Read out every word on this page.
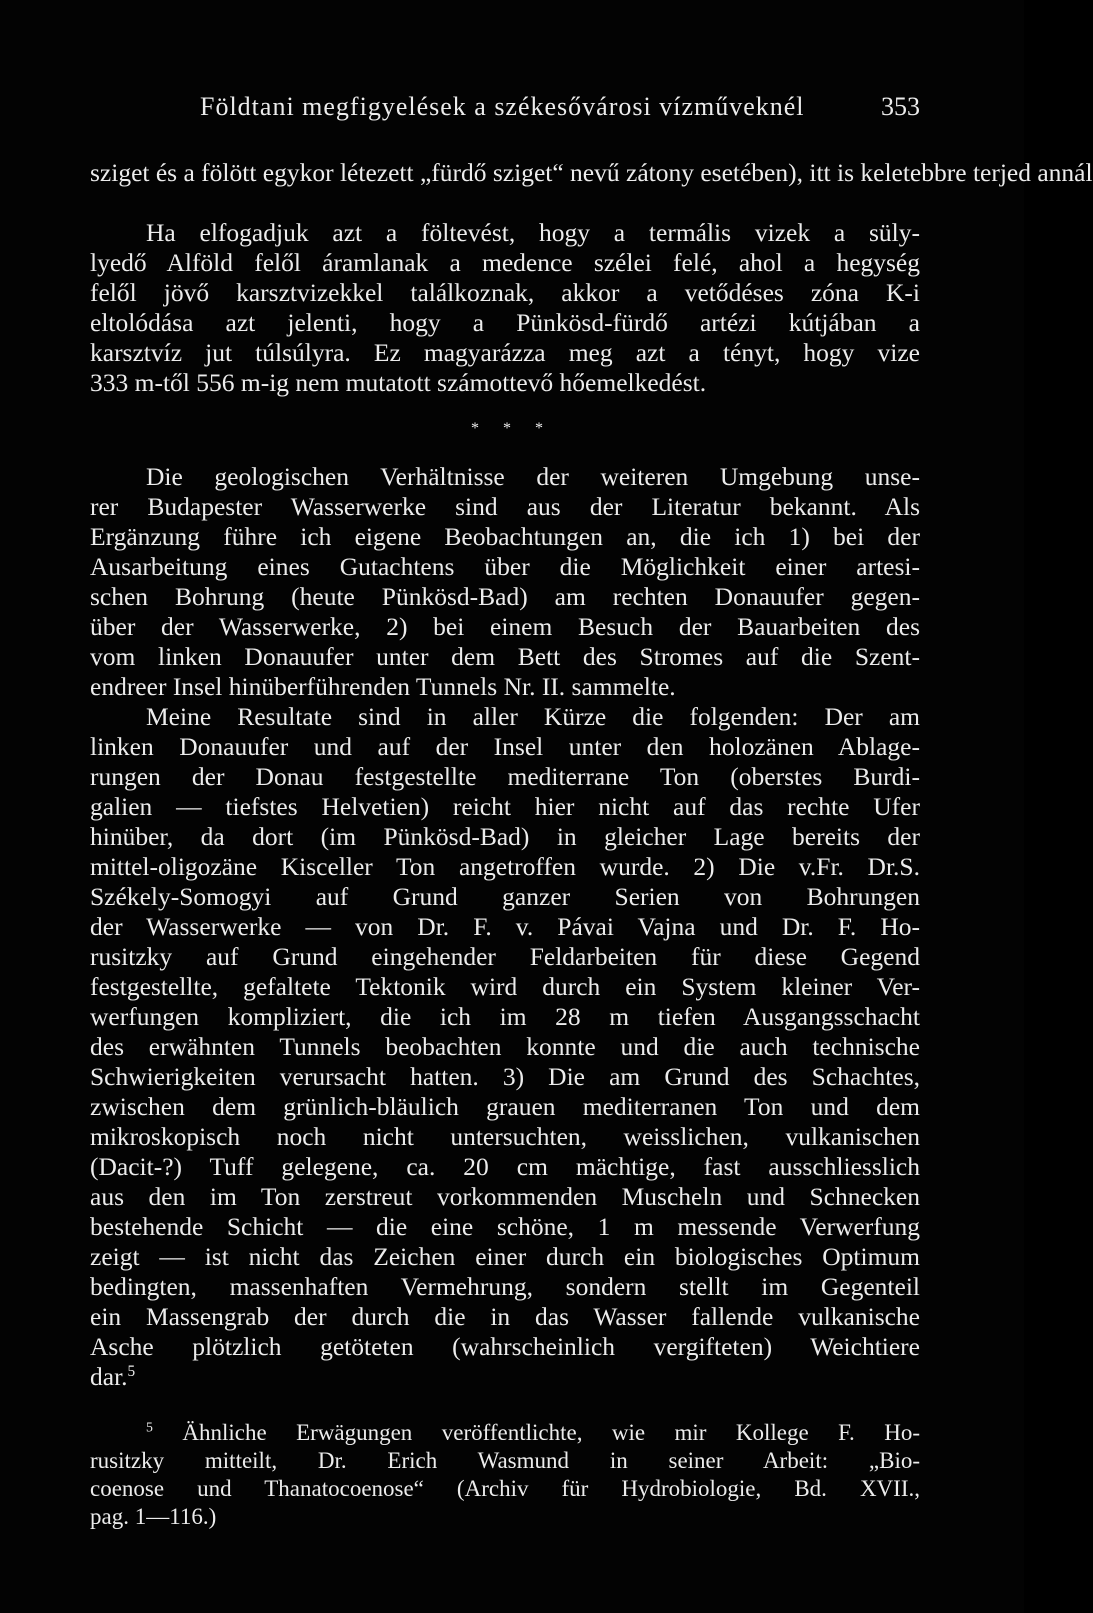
Földtani megfigyelések a székesővárosi vízműveknél	353
sziget és a fölött egykor létezett „fürdő sziget“ nevű zátony esetében), itt is keletebbre terjed annál
Ha elfogadjuk azt a föltevést, hogy a termális vizek a süly-
lyedő Alföld felől áramlanak a medence szélei felé, ahol a hegység
felől jövő karsztvizekkel találkoznak, akkor a vetődéses zóna K-i
eltolódása azt jelenti, hogy a Pünkösd-fürdő artézi kútjában a
karsztvíz jut túlsúlyra. Ez magyarázza meg azt a tényt, hogy vize
333 m-től 556 m-ig nem mutatott számottevő hőemelkedést.
* * *
Die geologischen Verhältnisse der weiteren Umgebung unse-
rer Budapester Wasserwerke sind aus der Literatur bekannt. Als
Ergänzung führe ich eigene Beobachtungen an, die ich 1) bei der
Ausarbeitung eines Gutachtens über die Möglichkeit einer artesi-
schen Bohrung (heute Pünkösd-Bad) am rechten Donauufer gegen-
über der Wasserwerke, 2) bei einem Besuch der Bauarbeiten des
vom linken Donauufer unter dem Bett des Stromes auf die Szent-
endreer Insel hinüberführenden Tunnels Nr. II. sammelte.
Meine Resultate sind in aller Kürze die folgenden: Der am
linken Donauufer und auf der Insel unter den holozänen Ablage-
rungen der Donau festgestellte mediterrane Ton (oberstes Burdi-
galien — tiefstes Helvetien) reicht hier nicht auf das rechte Ufer
hinüber, da dort (im Pünkösd-Bad) in gleicher Lage bereits der
mittel-oligozäne Kisceller Ton angetroffen wurde. 2) Die v.Fr. Dr.S.
Székely-Somogyi auf Grund ganzer Serien von Bohrungen
der Wasserwerke — von Dr. F. v. Pávai Vajna und Dr. F. Ho-
rusitzky auf Grund eingehender Feldarbeiten für diese Gegend
festgestellte, gefaltete Tektonik wird durch ein System kleiner Ver-
werfungen kompliziert, die ich im 28 m tiefen Ausgangsschacht
des erwähnten Tunnels beobachten konnte und die auch technische
Schwierigkeiten verursacht hatten. 3) Die am Grund des Schachtes,
zwischen dem grünlich-bläulich grauen mediterranen Ton und dem
mikroskopisch noch nicht untersuchten, weisslichen, vulkanischen
(Dacit-?) Tuff gelegene, ca. 20 cm mächtige, fast ausschliesslich
aus den im Ton zerstreut vorkommenden Muscheln und Schnecken
bestehende Schicht — die eine schöne, 1 m messende Verwerfung
zeigt — ist nicht das Zeichen einer durch ein biologisches Optimum
bedingten, massenhaften Vermehrung, sondern stellt im Gegenteil
ein Massengrab der durch die in das Wasser fallende vulkanische
Asche plötzlich getöteten (wahrscheinlich vergifteten) Weichtiere
dar.$^5$
$^5$ Ähnliche Erwägungen veröffentlichte, wie mir Kollege F. Ho-
rusitzky mitteilt, Dr. Erich Wasmund in seiner Arbeit: „Bio-
coenose und Thanatocoenose“ (Archiv für Hydrobiologie, Bd. XVII.,
pag. 1—116.)
